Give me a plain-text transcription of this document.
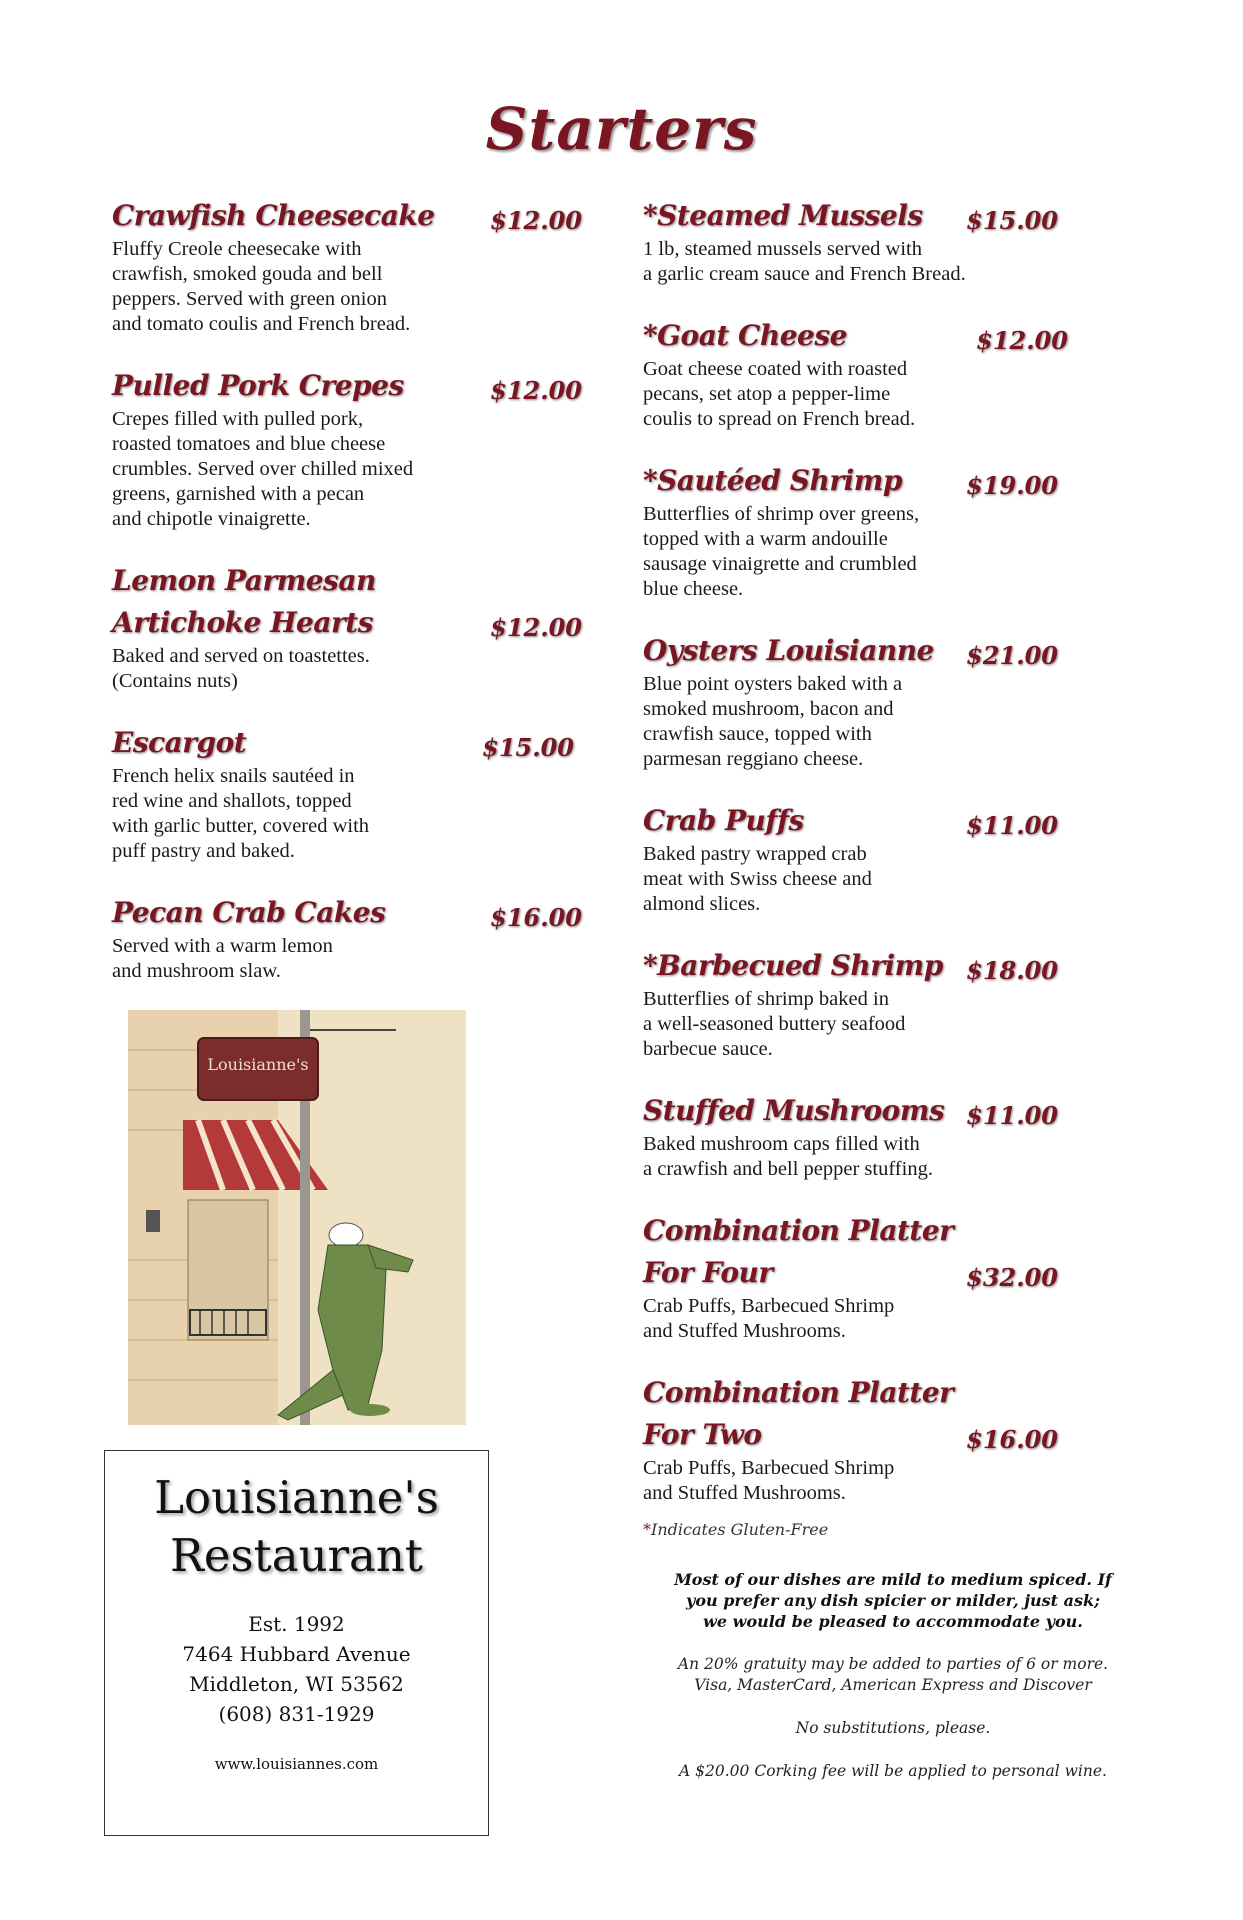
Starters
Crawfish Cheesecake	$12.00
Fluffy Creole cheesecake with
crawfish, smoked gouda and bell
peppers. Served with green onion
and tomato coulis and French bread.
Pulled Pork Crepes	$12.00
Crepes filled with pulled pork,
roasted tomatoes and blue cheese
crumbles. Served over chilled mixed
greens, garnished with a pecan
and chipotle vinaigrette.
Lemon Parmesan
Artichoke Hearts	$12.00
Baked and served on toastettes.
(Contains nuts)
Escargot	$15.00
French helix snails sautéed in
red wine and shallots, topped
with garlic butter, covered with
puff pastry and baked.
Pecan Crab Cakes	$16.00
Served with a warm lemon
and mushroom slaw.
*Steamed Mussels	$15.00
1 lb, steamed mussels served with
a garlic cream sauce and French Bread.
*Goat Cheese	$12.00
Goat cheese coated with roasted
pecans, set atop a pepper-lime
coulis to spread on French bread.
*Sautéed Shrimp	$19.00
Butterflies of shrimp over greens,
topped with a warm andouille
sausage vinaigrette and crumbled
blue cheese.
Oysters Louisianne	$21.00
Blue point oysters baked with a
smoked mushroom, bacon and
crawfish sauce, topped with
parmesan reggiano cheese.
Crab Puffs	$11.00
Baked pastry wrapped crab
meat with Swiss cheese and
almond slices.
*Barbecued Shrimp $18.00
Butterflies of shrimp baked in
a well-seasoned buttery seafood
barbecue sauce.
Stuffed Mushrooms $11.00
Baked mushroom caps filled with
a crawfish and bell pepper stuffing.
Combination Platter
For Four	$32.00
Crab Puffs, Barbecued Shrimp
and Stuffed Mushrooms.
Combination Platter
For Two	$16.00
Crab Puffs, Barbecued Shrimp
and Stuffed Mushrooms.
Louisianne's
Louisianne's
Restaurant
Est. 1992
7464 Hubbard Avenue
Middleton, WI 53562
(608) 831-1929
www.louisiannes.com
*Indicates Gluten-Free
Most of our dishes are mild to medium spiced. If
you prefer any dish spicier or milder, just ask;
we would be pleased to accommodate you.
An 20% gratuity may be added to parties of 6 or more.
Visa, MasterCard, American Express and Discover
No substitutions, please.
A $20.00 Corking fee will be applied to personal wine.
